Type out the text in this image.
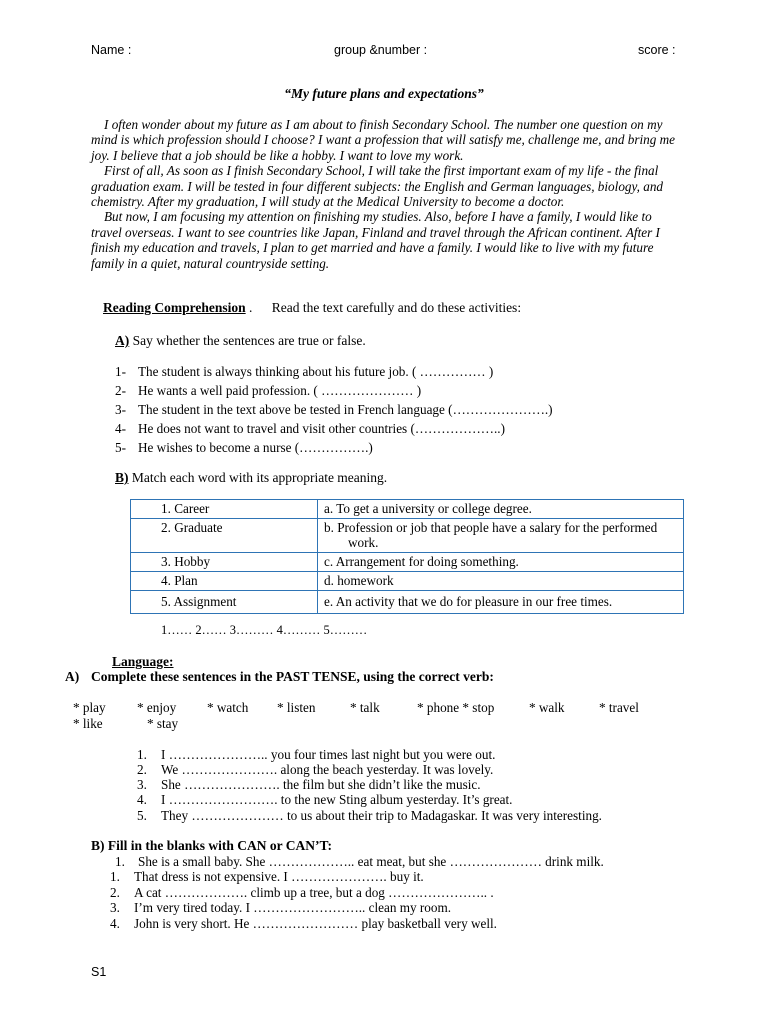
Name :	group &number :	score :
“My future plans and expectations”

I often wonder about my future as I am about to finish Secondary School. The number one question on my mind is which profession should I choose? I want a profession that will satisfy me, challenge me, and bring me joy. I believe that a job should be like a hobby. I want to love my work.

First of all, As soon as I finish Secondary School, I will take the first important exam of my life - the final graduation exam. I will be tested in four different subjects: the English and German languages, biology, and chemistry. After my graduation, I will study at the Medical University to become a doctor.

But now, I am focusing my attention on finishing my studies. Also, before I have a family, I would like to travel overseas. I want to see countries like Japan, Finland and travel through the African continent. After I finish my education and travels, I plan to get married and have a family. I would like to live with my future family in a quiet, natural countryside setting.

Reading Comprehension . Read the text carefully and do these activities:
A) Say whether the sentences are true or false.
1- The student is always thinking about his future job. ( …………… )
2- He wants a well paid profession. ( ………………… )
3- The student in the text above be tested in French language (………………….)
4- He does not want to travel and visit other countries (………………..)
5- He wishes to become a nurse (…………….)
B) Match each word with its appropriate meaning.
1. Career	a. To get a university or college degree.
2. Graduate	b. Profession or job that people have a salary for the performed work.
3. Hobby	c. Arrangement for doing something.
4. Plan	d. homework
5. Assignment	e. An activity that we do for pleasure in our free times.
1…… 2…… 3……… 4……… 5………
Language:
A) Complete these sentences in the PAST TENSE, using the correct verb:
* play * enjoy * watch * listen	* talk	* phone * stop	* walk	* travel
* like	* stay
1. I ………………….. you four times last night but you were out.
2. We …………………. along the beach yesterday. It was lovely.
3. She …………………. the film but she didn’t like the music.
4. I ……………………. to the new Sting album yesterday. It’s great.
5. They ………………… to us about their trip to Madagaskar. It was very interesting.
B) Fill in the blanks with CAN or CAN’T:
1. She is a small baby. She ……………….. eat meat, but she ………………… drink milk.
1. That dress is not expensive. I …………………. buy it.
2. A cat ………………. climb up a tree, but a dog ………………….. .
3. I’m very tired today. I …………………….. clean my room.
4. John is very short. He …………………… play basketball very well.
S1
